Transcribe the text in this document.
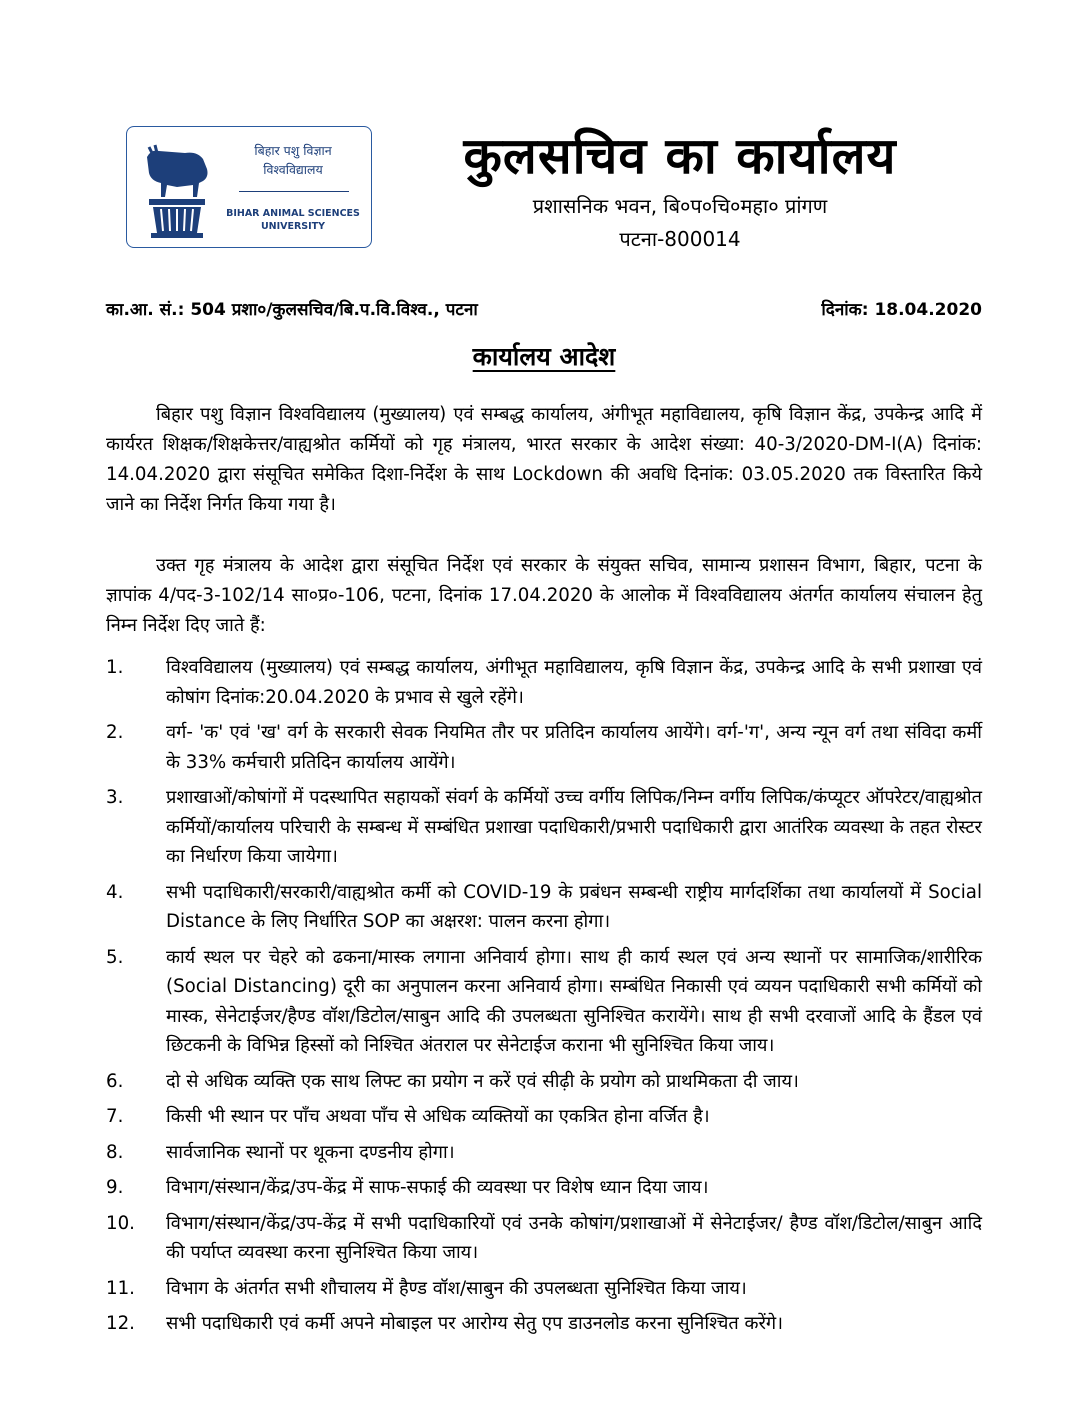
बिहार पशु विज्ञान
विश्वविद्यालय
BIHAR ANIMAL SCIENCES
UNIVERSITY
कुलसचिव का कार्यालय
प्रशासनिक भवन, बि०प०चि०महा० प्रांगण
पटना-800014
का.आ. सं.: 504 प्रशा०/कुलसचिव/बि.प.वि.विश्व., पटना	दिनांक: 18.04.2020
कार्यालय आदेश

बिहार पशु विज्ञान विश्वविद्यालय (मुख्यालय) एवं सम्बद्ध कार्यालय, अंगीभूत महाविद्यालय, कृषि विज्ञान केंद्र, उपकेन्द्र आदि में कार्यरत शिक्षक/शिक्षकेत्तर/वाह्यश्रोत कर्मियों को गृह मंत्रालय, भारत सरकार के आदेश संख्या: 40-3/2020-DM-I(A) दिनांक: 14.04.2020 द्वारा संसूचित समेकित दिशा-निर्देश के साथ Lockdown की अवधि दिनांक: 03.05.2020 तक विस्तारित किये जाने का निर्देश निर्गत किया गया है।

उक्त गृह मंत्रालय के आदेश द्वारा संसूचित निर्देश एवं सरकार के संयुक्त सचिव, सामान्य प्रशासन विभाग, बिहार, पटना के ज्ञापांक 4/पद-3-102/14 सा०प्र०-106, पटना, दिनांक 17.04.2020 के आलोक में विश्वविद्यालय अंतर्गत कार्यालय संचालन हेतु निम्न निर्देश दिए जाते हैं:

1. विश्वविद्यालय (मुख्यालय) एवं सम्बद्ध कार्यालय, अंगीभूत महाविद्यालय, कृषि विज्ञान केंद्र, उपकेन्द्र आदि के सभी प्रशाखा एवं कोषांग दिनांक:20.04.2020 के प्रभाव से खुले रहेंगे।
2. वर्ग- 'क' एवं 'ख' वर्ग के सरकारी सेवक नियमित तौर पर प्रतिदिन कार्यालय आयेंगे। वर्ग-'ग', अन्य न्यून वर्ग तथा संविदा कर्मी के 33% कर्मचारी प्रतिदिन कार्यालय आयेंगे।
3. प्रशाखाओं/कोषांगों में पदस्थापित सहायकों संवर्ग के कर्मियों उच्च वर्गीय लिपिक/निम्न वर्गीय लिपिक/कंप्यूटर ऑपरेटर/वाह्यश्रोत कर्मियों/कार्यालय परिचारी के सम्बन्ध में सम्बंधित प्रशाखा पदाधिकारी/प्रभारी पदाधिकारी द्वारा आतंरिक व्यवस्था के तहत रोस्टर का निर्धारण किया जायेगा।
4. सभी पदाधिकारी/सरकारी/वाह्यश्रोत कर्मी को COVID-19 के प्रबंधन सम्बन्धी राष्ट्रीय मार्गदर्शिका तथा कार्यालयों में Social Distance के लिए निर्धारित SOP का अक्षरश: पालन करना होगा।
5. कार्य स्थल पर चेहरे को ढकना/मास्क लगाना अनिवार्य होगा। साथ ही कार्य स्थल एवं अन्य स्थानों पर सामाजिक/शारीरिक (Social Distancing) दूरी का अनुपालन करना अनिवार्य होगा। सम्बंधित निकासी एवं व्ययन पदाधिकारी सभी कर्मियों को मास्क, सेनेटाईजर/हैण्ड वॉश/डिटोल/साबुन आदि की उपलब्धता सुनिश्चित करायेंगे। साथ ही सभी दरवाजों आदि के हैंडल एवं छिटकनी के विभिन्न हिस्सों को निश्चित अंतराल पर सेनेटाईज कराना भी सुनिश्चित किया जाय।
6. दो से अधिक व्यक्ति एक साथ लिफ्ट का प्रयोग न करें एवं सीढ़ी के प्रयोग को प्राथमिकता दी जाय।
7. किसी भी स्थान पर पाँच अथवा पाँच से अधिक व्यक्तियों का एकत्रित होना वर्जित है।
8. सार्वजानिक स्थानों पर थूकना दण्डनीय होगा।
9. विभाग/संस्थान/केंद्र/उप-केंद्र में साफ-सफाई की व्यवस्था पर विशेष ध्यान दिया जाय।
10. विभाग/संस्थान/केंद्र/उप-केंद्र में सभी पदाधिकारियों एवं उनके कोषांग/प्रशाखाओं में सेनेटाईजर/ हैण्ड वॉश/डिटोल/साबुन आदि की पर्याप्त व्यवस्था करना सुनिश्चित किया जाय।
11. विभाग के अंतर्गत सभी शौचालय में हैण्ड वॉश/साबुन की उपलब्धता सुनिश्चित किया जाय।
12. सभी पदाधिकारी एवं कर्मी अपने मोबाइल पर आरोग्य सेतु एप डाउनलोड करना सुनिश्चित करेंगे।
